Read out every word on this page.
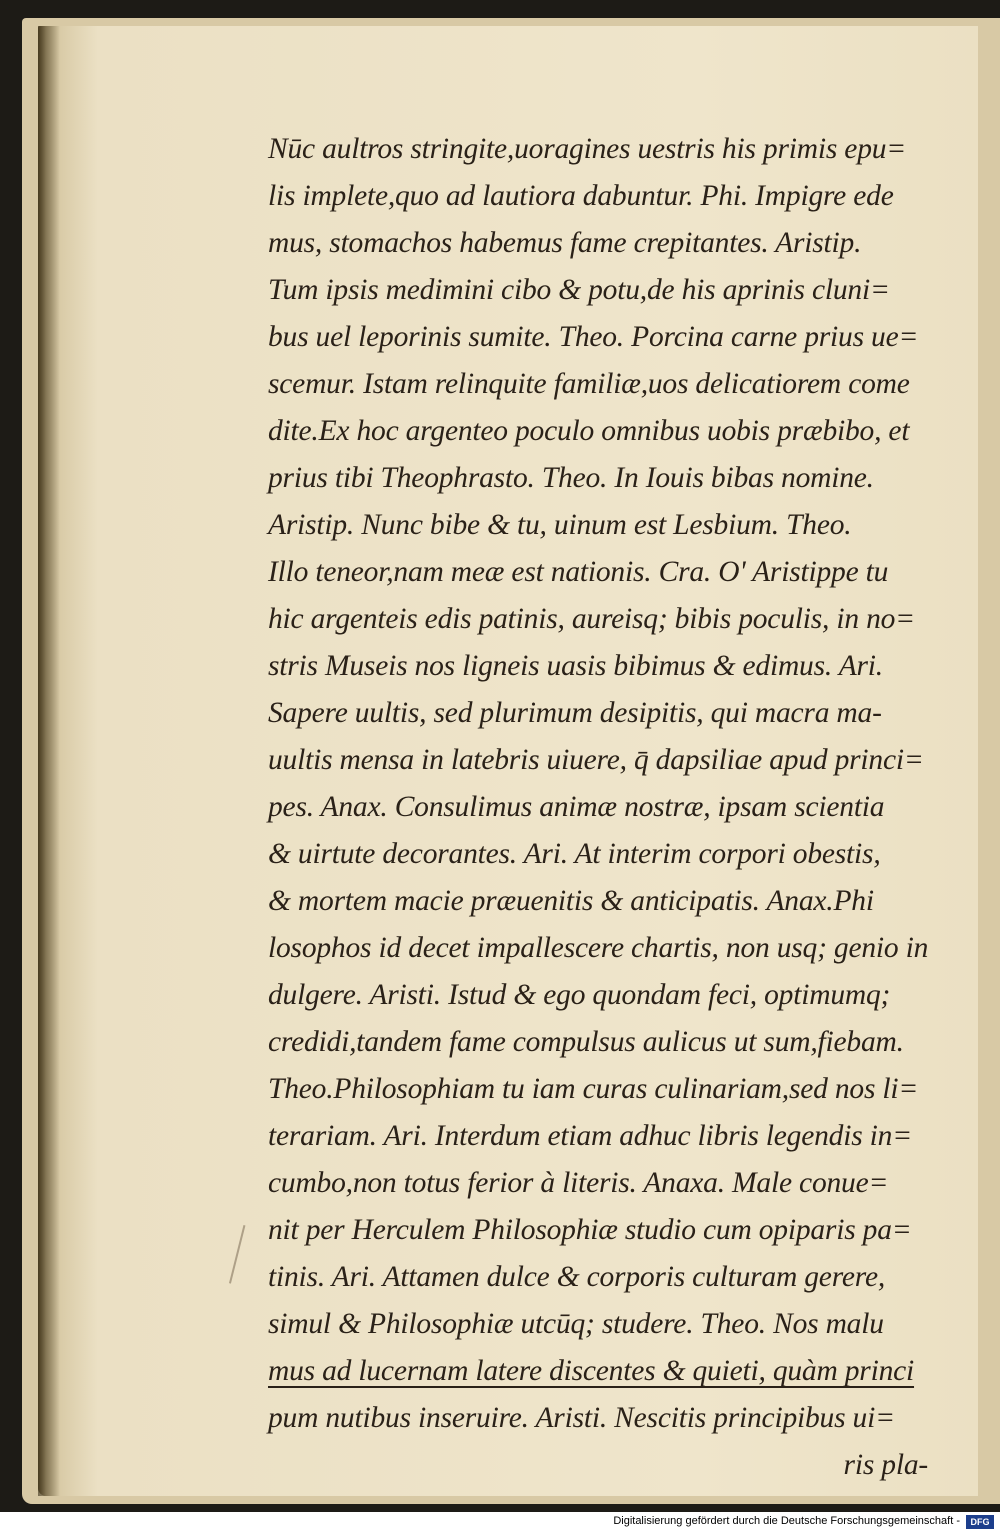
Nūc aultros stringite,uoragines uestris his primis epu=
lis implete,quo ad lautiora dabuntur. Phi. Impigre ede
mus, stomachos habemus fame crepitantes. Aristip.
Tum ipsis medimini cibo & potu,de his aprinis cluni=
bus uel leporinis sumite. Theo. Porcina carne prius ue=
scemur. Istam relinquite familiæ,uos delicatiorem come
dite.Ex hoc argenteo poculo omnibus uobis præbibo, et
prius tibi Theophrasto. Theo. In Iouis bibas nomine.
Aristip. Nunc bibe & tu, uinum est Lesbium. Theo.
Illo teneor,nam meæ est nationis. Cra. O' Aristippe tu
hic argenteis edis patinis, aureisq; bibis poculis, in no=
stris Museis nos ligneis uasis bibimus & edimus. Ari.
Sapere uultis, sed plurimum desipitis, qui macra ma-
uultis mensa in latebris uiuere, q̄ dapsiliae apud princi=
pes. Anax. Consulimus animæ nostræ, ipsam scientia
& uirtute decorantes. Ari. At interim corpori obestis,
& mortem macie præuenitis & anticipatis. Anax.Phi
losophos id decet impallescere chartis, non usq; genio in
dulgere. Aristi. Istud & ego quondam feci, optimumq;
credidi,tandem fame compulsus aulicus ut sum,fiebam.
Theo.Philosophiam tu iam curas culinariam,sed nos li=
terariam. Ari. Interdum etiam adhuc libris legendis in=
cumbo,non totus ferior à literis. Anaxa. Male conue=
nit per Herculem Philosophiæ studio cum opiparis pa=
tinis. Ari. Attamen dulce & corporis culturam gerere,
simul & Philosophiæ utcūq; studere. Theo. Nos malu
mus ad lucernam latere discentes & quieti, quàm princi
pum nutibus inseruire. Aristi. Nescitis principibus ui=
ris pla-
Digitalisierung gefördert durch die Deutsche Forschungsgemeinschaft -	DFG
